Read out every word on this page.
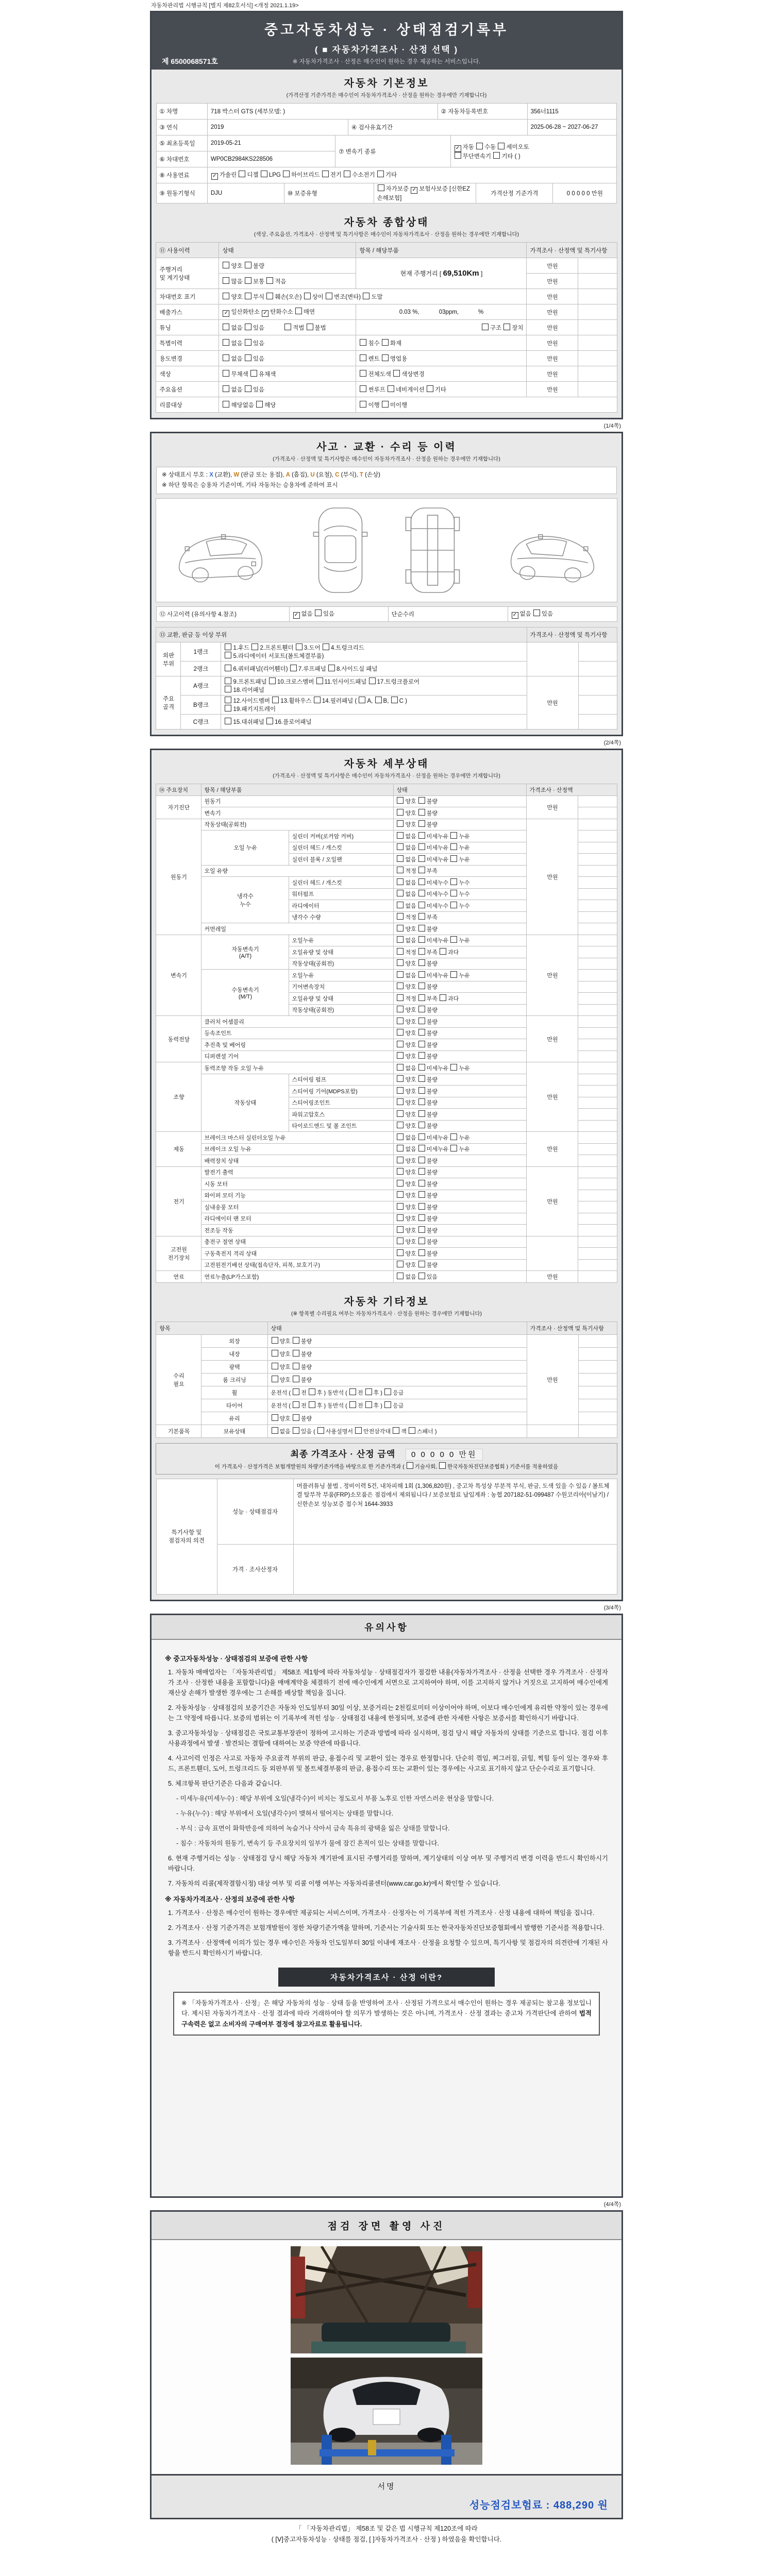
자동차관리법 시행규칙 [별지 제82호서식] <개정 2021.1.19>
중고자동차성능 · 상태점검기록부
( ■ 자동차가격조사 · 산정 선택 )
※ 자동차가격조사 · 산정은 매수인이 원하는 경우 제공하는 서비스입니다.
제 6500068571호
자동차 기본정보
(가격산정 기준가격은 매수인이 자동차가격조사 · 산정을 원하는 경우에만 기재합니다)
① 차명	718 박스터 GTS (세부모델: )					② 자동차등록번호			356너1115	
③ 연식	2019			④ 검사유효기간					2025-06-28 ~ 2027-06-27	
⑤ 최초등록일	2019-05-21		⑦ 변속기 종류				✓ 자동 수동 세미오토
무단변속기 기타 ( )			
⑥ 차대번호	WP0CB2984KS228506									
⑧ 사용연료	✓ 가솔린 디젤 LPG 하이브리드 전기 수소전기 기타									
⑨ 원동기형식	DJU	⑩ 보증유형			자가보증 ✓ 보험사보증 [신한EZ손해보험]			가격산정 기준가격		0 0 0 0 0 만원
자동차 종합상태
(색상, 주요옵션, 가격조사 · 산정액 및 특기사항은 매수인이 자동차가격조사 · 산정을 원하는 경우에만 기재합니다)
⑪ 사용이력	상태	항목 / 해당부품	가격조사 · 산정액 및 특기사항	
주행거리
및 계기상태	양호 불량	현재 주행거리 [ 69,510Km ]	만원	
	많음 보통 적음		만원	
차대번호 표기	양호 부식 훼손(오손) 상이 변조(변타) 도말		만원	
배출가스	✓ 일산화탄소 ✓ 탄화수소 매연	0.03 %, 03ppm, %	만원	
튜닝	없음 있음 적법 불법	구조 장치	만원	
특별이력	없음 있음	침수 화재	만원	
용도변경	없음 있음	렌트 영업용	만원	
색상	무채색 유채색	전체도색 색상변경	만원	
주요옵션	없음 있음	썬루프 네비게이션 기타	만원	
리콜대상	해당없음 해당	이행 미이행		
(1/4쪽)
사고 · 교환 · 수리 등 이력
(가격조사 · 산정액 및 특기사항은 매수인이 자동차가격조사 · 산정을 원하는 경우에만 기재합니다)
※ 상태표시 부호 : X (교환), W (판금 또는 용접), A (흠집), U (요철), C (부식), T (손상)
※ 하단 항목은 승용차 기준이며, 기타 자동차는 승용차에 준하여 표시
⑫ 사고이력 (유의사항 4.참조)	✓ 없음 있음	단순수리	✓ 없음 있음
⑬ 교환, 판금 등 이상 부위			가격조사 · 산정액 및 특기사항	
외판
부위	1랭크	1.후드 2.프론트휀더 3.도어 4.트렁크리드
5.라디에이터 서포트(볼트체결부품)		
	2랭크	6.쿼터패널(리어휀더) 7.루프패널 8.사이드실 패널		
주요
골격	A랭크	9.프론트패널 10.크로스멤버 11.인사이드패널 17.트렁크플로어
18.리어패널	만원	
	B랭크	12.사이드멤버 13.휠하우스 14.필러패널 ( A, B, C )
19.패키지트레이		
	C랭크	15.대쉬패널 16.플로어패널		
(2/4쪽)
자동차 세부상태
(가격조사 · 산정액 및 특기사항은 매수인이 자동차가격조사 · 산정을 원하는 경우에만 기재합니다)
⑭ 주요장치	항목 / 해당부품		상태	가격조사 · 산정액	
자기진단	원동기		양호 불량	만원	
	변속기		양호 불량		
원동기	작동상태(공회전)		양호 불량	만원	
	오일 누유	실린더 커버(로커암 커버)	없음 미세누유 누유		
		실린더 헤드 / 개스킷	없음 미세누유 누유		
		실린더 블록 / 오일팬	없음 미세누유 누유		
	오일 유량		적정 부족		
	냉각수
누수	실린더 헤드 / 개스킷	없음 미세누수 누수		
		워터펌프	없음 미세누수 누수		
		라디에이터	없음 미세누수 누수		
		냉각수 수량	적정 부족		
	커먼레일		양호 불량		
변속기	자동변속기
(A/T)	오일누유	없음 미세누유 누유	만원	
		오일유량 및 상태	적정 부족 과다		
		작동상태(공회전)	양호 불량		
	수동변속기
(M/T)	오일누유	없음 미세누유 누유		
		기어변속장치	양호 불량		
		오일유량 및 상태	적정 부족 과다		
		작동상태(공회전)	양호 불량		
동력전달	클러치 어셈블리		양호 불량	만원	
	등속조인트		양호 불량		
	추진축 및 베어링		양호 불량		
	디퍼렌셜 기어		양호 불량		
조향	동력조향 작동 오일 누유		없음 미세누유 누유	만원	
	작동상태	스티어링 펌프	양호 불량		
		스티어링 기어(MDPS포함)	양호 불량		
		스티어링조인트	양호 불량		
		파워고압호스	양호 불량		
		타이로드엔드 및 볼 조인트	양호 불량		
제동	브레이크 마스터 실린더오일 누유		없음 미세누유 누유	만원	
	브레이크 오일 누유		없음 미세누유 누유		
	배력장치 상태		양호 불량		
전기	발전기 출력		양호 불량	만원	
	시동 모터		양호 불량		
	와이퍼 모터 기능		양호 불량		
	실내송풍 모터		양호 불량		
	라디에이터 팬 모터		양호 불량		
	전조등 작동		양호 불량		
고전원
전기장치	충전구 절연 상태		양호 불량		
	구동축전지 격리 상태		양호 불량		
	고전원전기배선 상태(접속단자, 피복, 보호기구)		양호 불량		
연료	연료누출(LP가스포함)		없음 있음	만원	
자동차 기타정보
(※ 항목별 수리필요 여부는 자동차가격조사 · 산정을 원하는 경우에만 기재합니다)
항목		상태	가격조사 · 산정액 및 특기사항	
수리
필요	외장	양호 불량	만원	
	내장	양호 불량		
	광택	양호 불량		
	룸 크리닝	양호 불량		
	휠	운전석 ( 전 후 ) 동반석 ( 전 후 ) 응급		
	타이어	운전석 ( 전 후 ) 동반석 ( 전 후 ) 응급		
	유리	양호 불량		
기본품목	보유상태	없음 있음 ( 사용설명서 안전삼각대 잭 스패너 )		
최종 가격조사 · 산정 금액 0 0 0 0 0 만원
이 가격조사 · 산정가격은 보험개발원의 차량기준가액을 바탕으로 한 기준가격과 ( 기술사회, 한국자동차진단보증협회 ) 기준서를 적용하였음
특기사항 및
점검자의 의견	성능 · 상태점검자	머플러튜닝 불법 , 정비이력 5건, 내차피해 1회 (1,306,820원) , 중고차 특성상 부분적 부식, 판금, 도색 있을 수 있음 / 볼트체결 탈부착 부품(FRP)소모품은 점검에서 제외됩니다 / 보증보험료 납입계좌 : 농협 207182-51-099487 수원코리아(이남기) / 신한손보 성능보증 접수처 1644-3933
	가격 · 조사산정자	
(3/4쪽)
유의사항
※ 중고자동차성능 · 상태점검의 보증에 관한 사항
1. 자동차 매매업자는 「자동차관리법」 제58조 제1항에 따라 자동차성능 · 상태점검자가 점검한 내용(자동차가격조사 · 산정을 선택한 경우 가격조사 · 산정자가 조사 · 산정한 내용을 포함합니다)을 매매계약을 체결하기 전에 매수인에게 서면으로 고지하여야 하며, 이를 고지하지 않거나 거짓으로 고지하여 매수인에게 재산상 손해가 발생한 경우에는 그 손해를 배상할 책임을 집니다.
2. 자동차성능 · 상태점검의 보증기간은 자동차 인도일부터 30일 이상, 보증거리는 2천킬로미터 이상이어야 하며, 이보다 매수인에게 유리한 약정이 있는 경우에는 그 약정에 따릅니다. 보증의 범위는 이 기록부에 적힌 성능 · 상태점검 내용에 한정되며, 보증에 관한 자세한 사항은 보증서를 확인하시기 바랍니다.
3. 중고자동차성능 · 상태점검은 국토교통부장관이 정하여 고시하는 기준과 방법에 따라 실시하며, 점검 당시 해당 자동차의 상태를 기준으로 합니다. 점검 이후 사용과정에서 발생 · 발견되는 결함에 대하여는 보증 약관에 따릅니다.
4. 사고이력 인정은 사고로 자동차 주요골격 부위의 판금, 용접수리 및 교환이 있는 경우로 한정합니다. 단순히 꺾임, 찌그러짐, 긁힘, 찍힘 등이 있는 경우와 후드, 프론트휀더, 도어, 트렁크리드 등 외판부위 및 볼트체결부품의 판금, 용접수리 또는 교환이 있는 경우에는 사고로 표기하지 않고 단순수리로 표기합니다.
5. 체크항목 판단기준은 다음과 같습니다.
- 미세누유(미세누수) : 해당 부위에 오일(냉각수)이 비치는 정도로서 부품 노후로 인한 자연스러운 현상을 말합니다.
- 누유(누수) : 해당 부위에서 오일(냉각수)이 맺혀서 떨어지는 상태를 말합니다.
- 부식 : 금속 표면이 화학반응에 의하여 녹슬거나 삭아서 금속 특유의 광택을 잃은 상태를 말합니다.
- 침수 : 자동차의 원동기, 변속기 등 주요장치의 일부가 물에 잠긴 흔적이 있는 상태를 말합니다.
6. 현재 주행거리는 성능 · 상태점검 당시 해당 자동차 계기판에 표시된 주행거리를 말하며, 계기상태의 이상 여부 및 주행거리 변경 이력을 반드시 확인하시기 바랍니다.
7. 자동차의 리콜(제작결함시정) 대상 여부 및 리콜 이행 여부는 자동차리콜센터(www.car.go.kr)에서 확인할 수 있습니다.
※ 자동차가격조사 · 산정의 보증에 관한 사항
1. 가격조사 · 산정은 매수인이 원하는 경우에만 제공되는 서비스이며, 가격조사 · 산정자는 이 기록부에 적힌 가격조사 · 산정 내용에 대하여 책임을 집니다.
2. 가격조사 · 산정 기준가격은 보험개발원이 정한 차량기준가액을 말하며, 기준서는 기술사회 또는 한국자동차진단보증협회에서 발행한 기준서를 적용합니다.
3. 가격조사 · 산정액에 이의가 있는 경우 매수인은 자동차 인도일부터 30일 이내에 재조사 · 산정을 요청할 수 있으며, 특기사항 및 점검자의 의견란에 기재된 사항을 반드시 확인하시기 바랍니다.
자동차가격조사 · 산정 이란?
※ 「자동차가격조사 · 산정」은 해당 자동차의 성능 · 상태 등을 반영하여 조사 · 산정된 가격으로서 매수인이 원하는 경우 제공되는 참고용 정보입니다. 제시된 자동차가격조사 · 산정 결과에 따라 거래하여야 할 의무가 발생하는 것은 아니며, 가격조사 · 산정 결과는 중고차 가격판단에 관하여 법적 구속력은 없고 소비자의 구매여부 결정에 참고자료로 활용됩니다.
(4/4쪽)
점검 장면 촬영 사진
서명
성능점검보험료 : 488,290 원
「 「자동차관리법」 제58조 및 같은 법 시행규칙 제120조에 따라
( [Ⅴ]중고자동차성능 · 상태를 점검, [ ]자동차가격조사 · 산정 ) 하였음을 확인합니다.
